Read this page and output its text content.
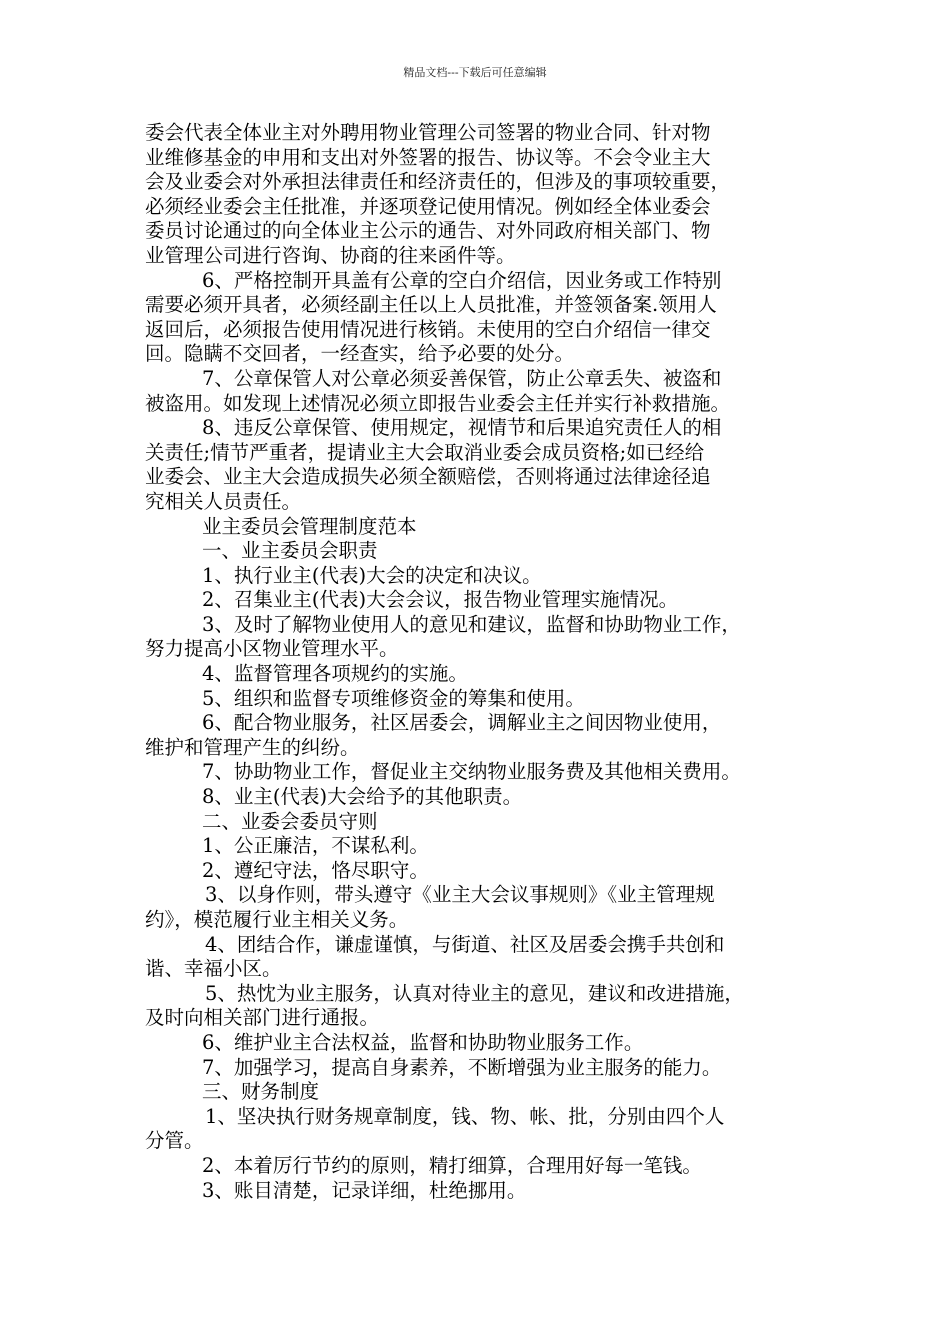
精品文档---下载后可任意编辑
委会代表全体业主对外聘用物业管理公司签署的物业合同、针对物
业维修基金的申用和支出对外签署的报告、协议等。不会令业主大
会及业委会对外承担法律责任和经济责任的，但涉及的事项较重要，
必须经业委会主任批准，并逐项登记使用情况。例如经全体业委会
委员讨论通过的向全体业主公示的通告、对外同政府相关部门、物
业管理公司进行咨询、协商的往来函件等。
6、严格控制开具盖有公章的空白介绍信，因业务或工作特别
需要必须开具者，必须经副主任以上人员批准，并签领备案.领用人
返回后，必须报告使用情况进行核销。未使用的空白介绍信一律交
回。隐瞒不交回者，一经查实，给予必要的处分。
7、公章保管人对公章必须妥善保管，防止公章丢失、被盗和
被盗用。如发现上述情况必须立即报告业委会主任并实行补救措施。
8、违反公章保管、使用规定，视情节和后果追究责任人的相
关责任;情节严重者，提请业主大会取消业委会成员资格;如已经给
业委会、业主大会造成损失必须全额赔偿，否则将通过法律途径追
究相关人员责任。
业主委员会管理制度范本
一、业主委员会职责
1、执行业主(代表)大会的决定和决议。
2、召集业主(代表)大会会议，报告物业管理实施情况。
3、及时了解物业使用人的意见和建议，监督和协助物业工作，
努力提高小区物业管理水平。
4、监督管理各项规约的实施。
5、组织和监督专项维修资金的筹集和使用。
6、配合物业服务，社区居委会，调解业主之间因物业使用，
维护和管理产生的纠纷。
7、协助物业工作，督促业主交纳物业服务费及其他相关费用。
8、业主(代表)大会给予的其他职责。
二、业委会委员守则
1、公正廉洁，不谋私利。
2、遵纪守法，恪尽职守。
3、以身作则，带头遵守《业主大会议事规则》《业主管理规
约》，模范履行业主相关义务。
4、团结合作，谦虚谨慎，与街道、社区及居委会携手共创和
谐、幸福小区。
5、热忱为业主服务，认真对待业主的意见，建议和改进措施，
及时向相关部门进行通报。
6、维护业主合法权益，监督和协助物业服务工作。
7、加强学习，提高自身素养，不断增强为业主服务的能力。
三、财务制度
1、坚决执行财务规章制度，钱、物、帐、批，分别由四个人
分管。
2、本着厉行节约的原则，精打细算，合理用好每一笔钱。
3、账目清楚，记录详细，杜绝挪用。
